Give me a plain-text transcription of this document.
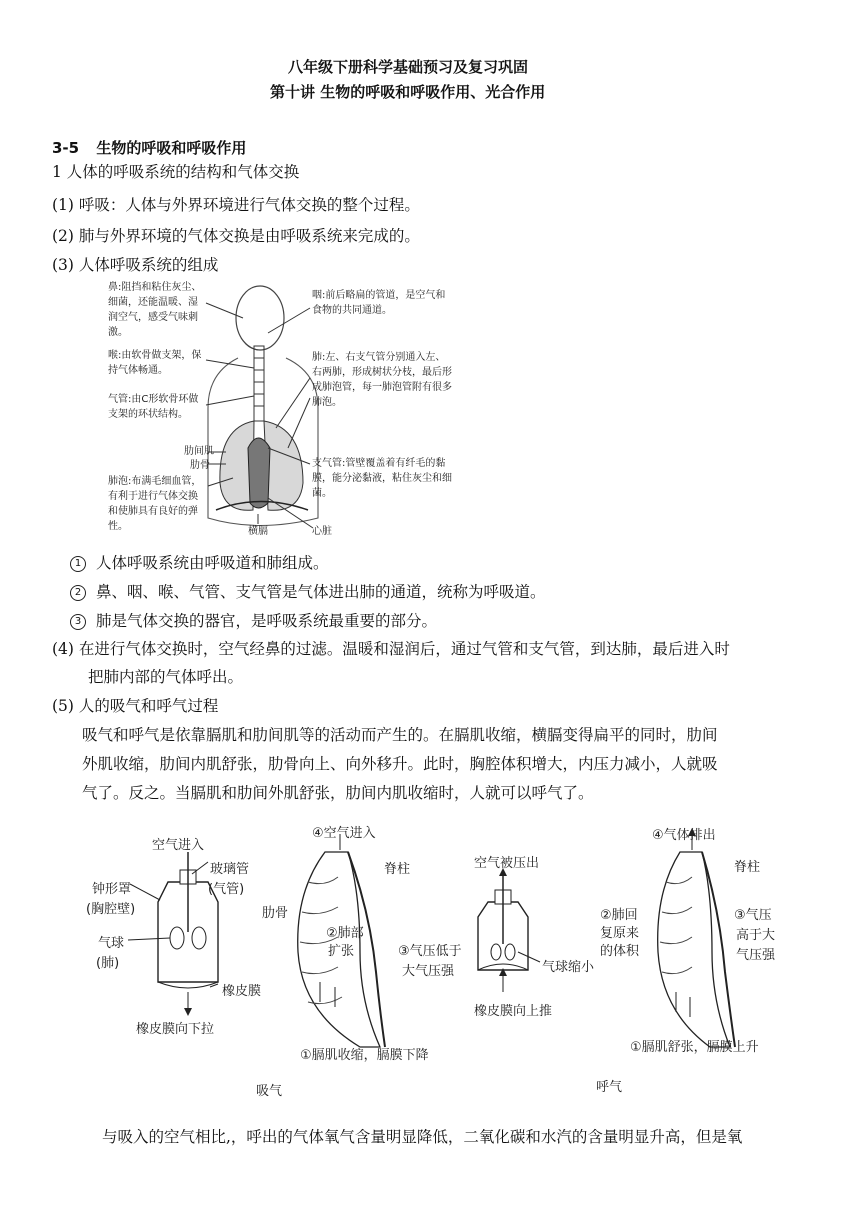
八年级下册科学基础预习及复习巩固
第十讲 生物的呼吸和呼吸作用、光合作用
3-5 生物的呼吸和呼吸作用
1 人体的呼吸系统的结构和气体交换
(1) 呼吸：人体与外界环境进行气体交换的整个过程。
(2) 肺与外界环境的气体交换是由呼吸系统来完成的。
(3) 人体呼吸系统的组成
鼻:阻挡和粘住灰尘、细菌，还能温暖、湿润空气，感受气味刺激。
喉:由软骨做支架，保持气体畅通。
气管:由C形软骨环做支架的环状结构。
肋间肌
肋骨
肺泡:布满毛细血管，有利于进行气体交换和使肺具有良好的弹性。
咽:前后略扁的管道，是空气和食物的共同通道。
肺:左、右支气管分别通入左、右两肺，形成树状分枝，最后形成肺泡管，每一肺泡管附有很多肺泡。
支气管:管壁覆盖着有纤毛的黏膜，能分泌黏液，粘住灰尘和细菌。
横膈	心脏
1 人体呼吸系统由呼吸道和肺组成。
2 鼻、咽、喉、气管、支气管是气体进出肺的通道，统称为呼吸道。
3 肺是气体交换的器官，是呼吸系统最重要的部分。
(4) 在进行气体交换时，空气经鼻的过滤。温暖和湿润后，通过气管和支气管，到达肺，最后进入时
把肺内部的气体呼出。
(5) 人的吸气和呼气过程
吸气和呼气是依靠膈肌和肋间肌等的活动而产生的。在膈肌收缩，横膈变得扁平的同时，肋间
外肌收缩，肋间内肌舒张，肋骨向上、向外移升。此时，胸腔体积增大，内压力减小，人就吸
气了。反之。当膈肌和肋间外肌舒张，肋间内肌收缩时，人就可以呼气了。
空气进入
钟形罩
(胸腔壁)
玻璃管
(气管)
气球
(肺)
橡皮膜
橡皮膜向下拉
④空气进入
肋骨
脊柱
②肺部
扩张	③气压低于
大气压强
①膈肌收缩，膈膜下降
吸气
空气被压出
气球缩小
橡皮膜向上推
④气体排出
脊柱
②肺回
复原来
的体积
③气压
高于大
气压强
①膈肌舒张，膈膜上升
呼气
与吸入的空气相比,，呼出的气体氧气含量明显降低，二氧化碳和水汽的含量明显升高，但是氧
